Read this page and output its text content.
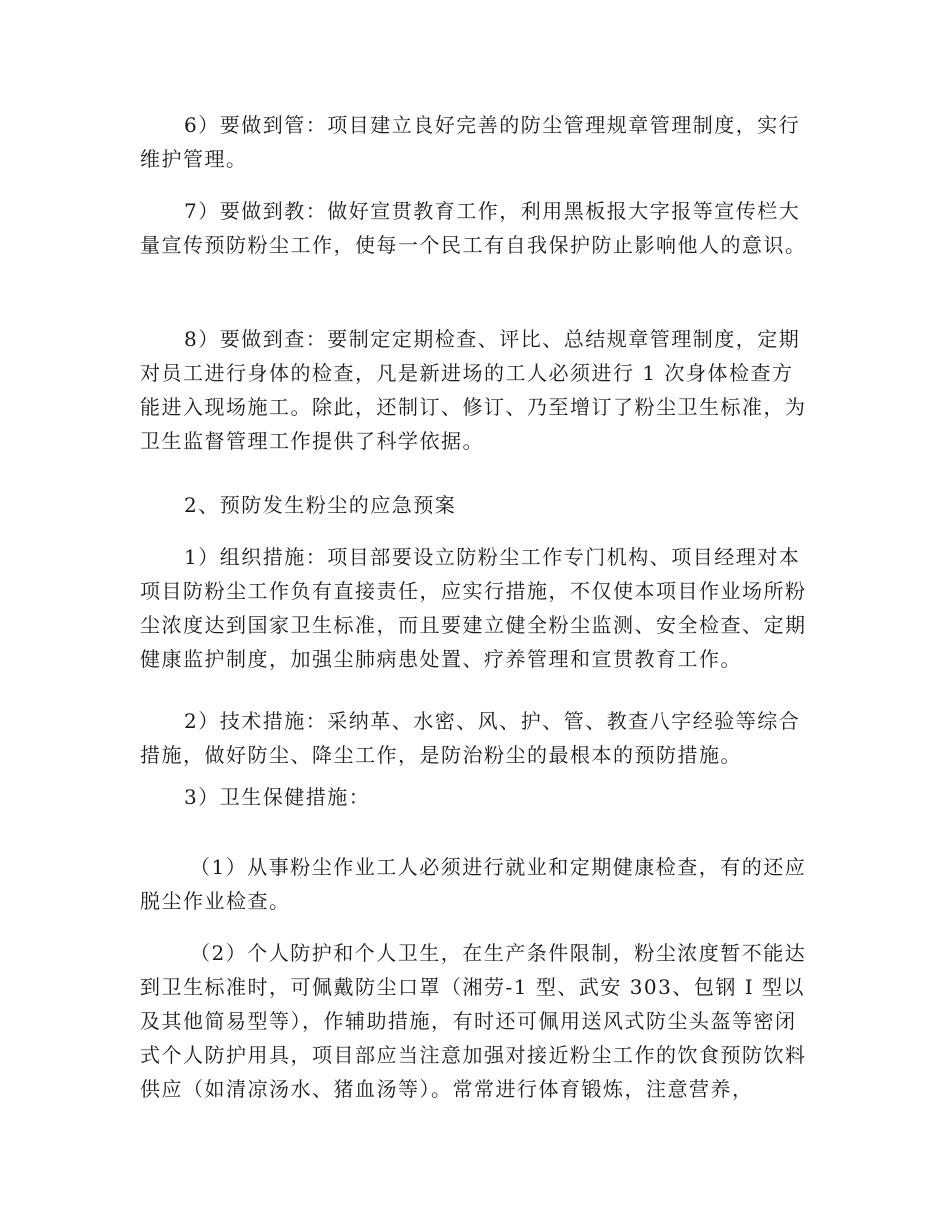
6）要做到管：项目建立良好完善的防尘管理规章管理制度，实行维护管理。

7）要做到教：做好宣贯教育工作，利用黑板报大字报等宣传栏大量宣传预防粉尘工作，使每一个民工有自我保护防止影响他人的意识。

8）要做到查：要制定定期检查、评比、总结规章管理制度，定期对员工进行身体的检查，凡是新进场的工人必须进行 1 次身体检查方能进入现场施工。除此，还制订、修订、乃至增订了粉尘卫生标准，为卫生监督管理工作提供了科学依据。

2、预防发生粉尘的应急预案

1）组织措施：项目部要设立防粉尘工作专门机构、项目经理对本项目防粉尘工作负有直接责任，应实行措施，不仅使本项目作业场所粉尘浓度达到国家卫生标准，而且要建立健全粉尘监测、安全检查、定期健康监护制度，加强尘肺病患处置、疗养管理和宣贯教育工作。

2）技术措施：采纳革、水密、风、护、管、教查八字经验等综合措施，做好防尘、降尘工作，是防治粉尘的最根本的预防措施。

3）卫生保健措施：

（1）从事粉尘作业工人必须进行就业和定期健康检查，有的还应脱尘作业检查。

（2）个人防护和个人卫生，在生产条件限制，粉尘浓度暂不能达到卫生标准时，可佩戴防尘口罩（湘劳-1 型、武安 303、包钢 I 型以及其他简易型等），作辅助措施，有时还可佩用送风式防尘头盔等密闭式个人防护用具，项目部应当注意加强对接近粉尘工作的饮食预防饮料供应（如清凉汤水、猪血汤等）。常常进行体育锻炼，注意营养，
